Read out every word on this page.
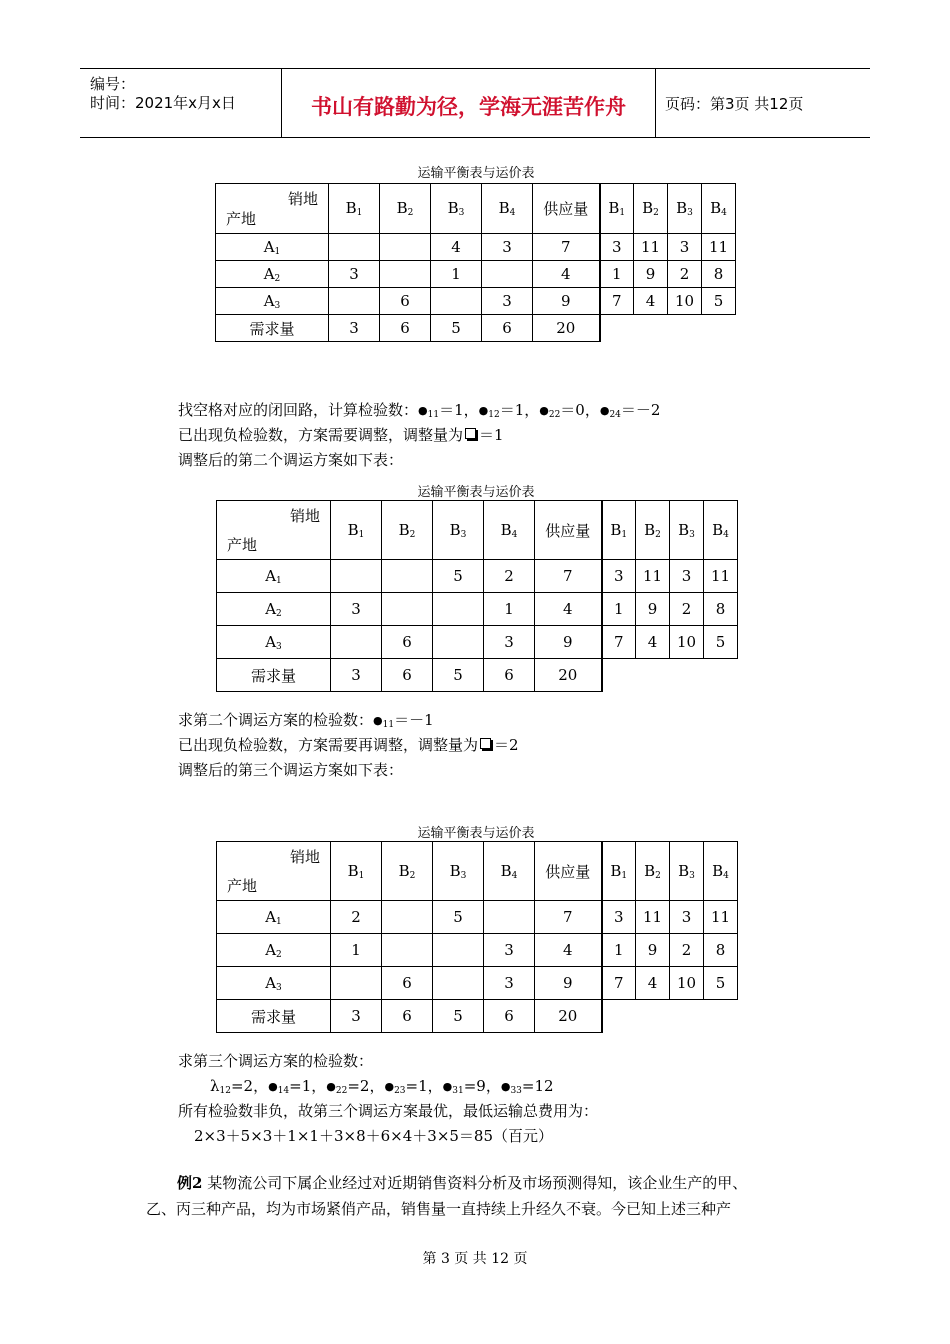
编号：
时间：2021年x月x日	书山有路勤为径，学海无涯苦作舟	页码：第3页 共12页
运输平衡表与运价表
销地
产地	$B_1$	$B_2$	$B_3$	$B_4$	供应量	$B_1$	$B_2$	$B_3$	$B_4$
$A_1$			4	3	7	3	11	3	11
$A_2$	3		1		4	1	9	2	8
$A_3$		6		3	9	7	4	10	5
需求量	3	6	5	6	20				
找空格对应的闭回路，计算检验数：$●_{11}=1$，$●_{12}=1$，$●_{22}=0$，$●_{24}=-2$
已出现负检验数，方案需要调整，调整量为 ＝1
调整后的第二个调运方案如下表：
运输平衡表与运价表
销地
产地	$B_1$	$B_2$	$B_3$	$B_4$	供应量	$B_1$	$B_2$	$B_3$	$B_4$
$A_1$			5	2	7	3	11	3	11
$A_2$	3			1	4	1	9	2	8
$A_3$		6		3	9	7	4	10	5
需求量	3	6	5	6	20				
求第二个调运方案的检验数：$●_{11}=-1$
已出现负检验数，方案需要再调整，调整量为 ＝2
调整后的第三个调运方案如下表：
运输平衡表与运价表
销地
产地	$B_1$	$B_2$	$B_3$	$B_4$	供应量	$B_1$	$B_2$	$B_3$	$B_4$
$A_1$	2		5		7	3	11	3	11
$A_2$	1			3	4	1	9	2	8
$A_3$		6		3	9	7	4	10	5
需求量	3	6	5	6	20				
求第三个调运方案的检验数：
$\lambda_{12}=2$，$●_{14}=1$，$●_{22}=2$，$●_{23}=1$，$●_{31}=9$，$●_{33}=12$
所有检验数非负，故第三个调运方案最优，最低运输总费用为：
2×3＋5×3＋1×1＋3×8＋6×4＋3×5＝85（百元）
例2 某物流公司下属企业经过对近期销售资料分析及市场预测得知，该企业生产的甲、
乙、丙三种产品，均为市场紧俏产品，销售量一直持续上升经久不衰。今已知上述三种产
第 3 页 共 12 页
